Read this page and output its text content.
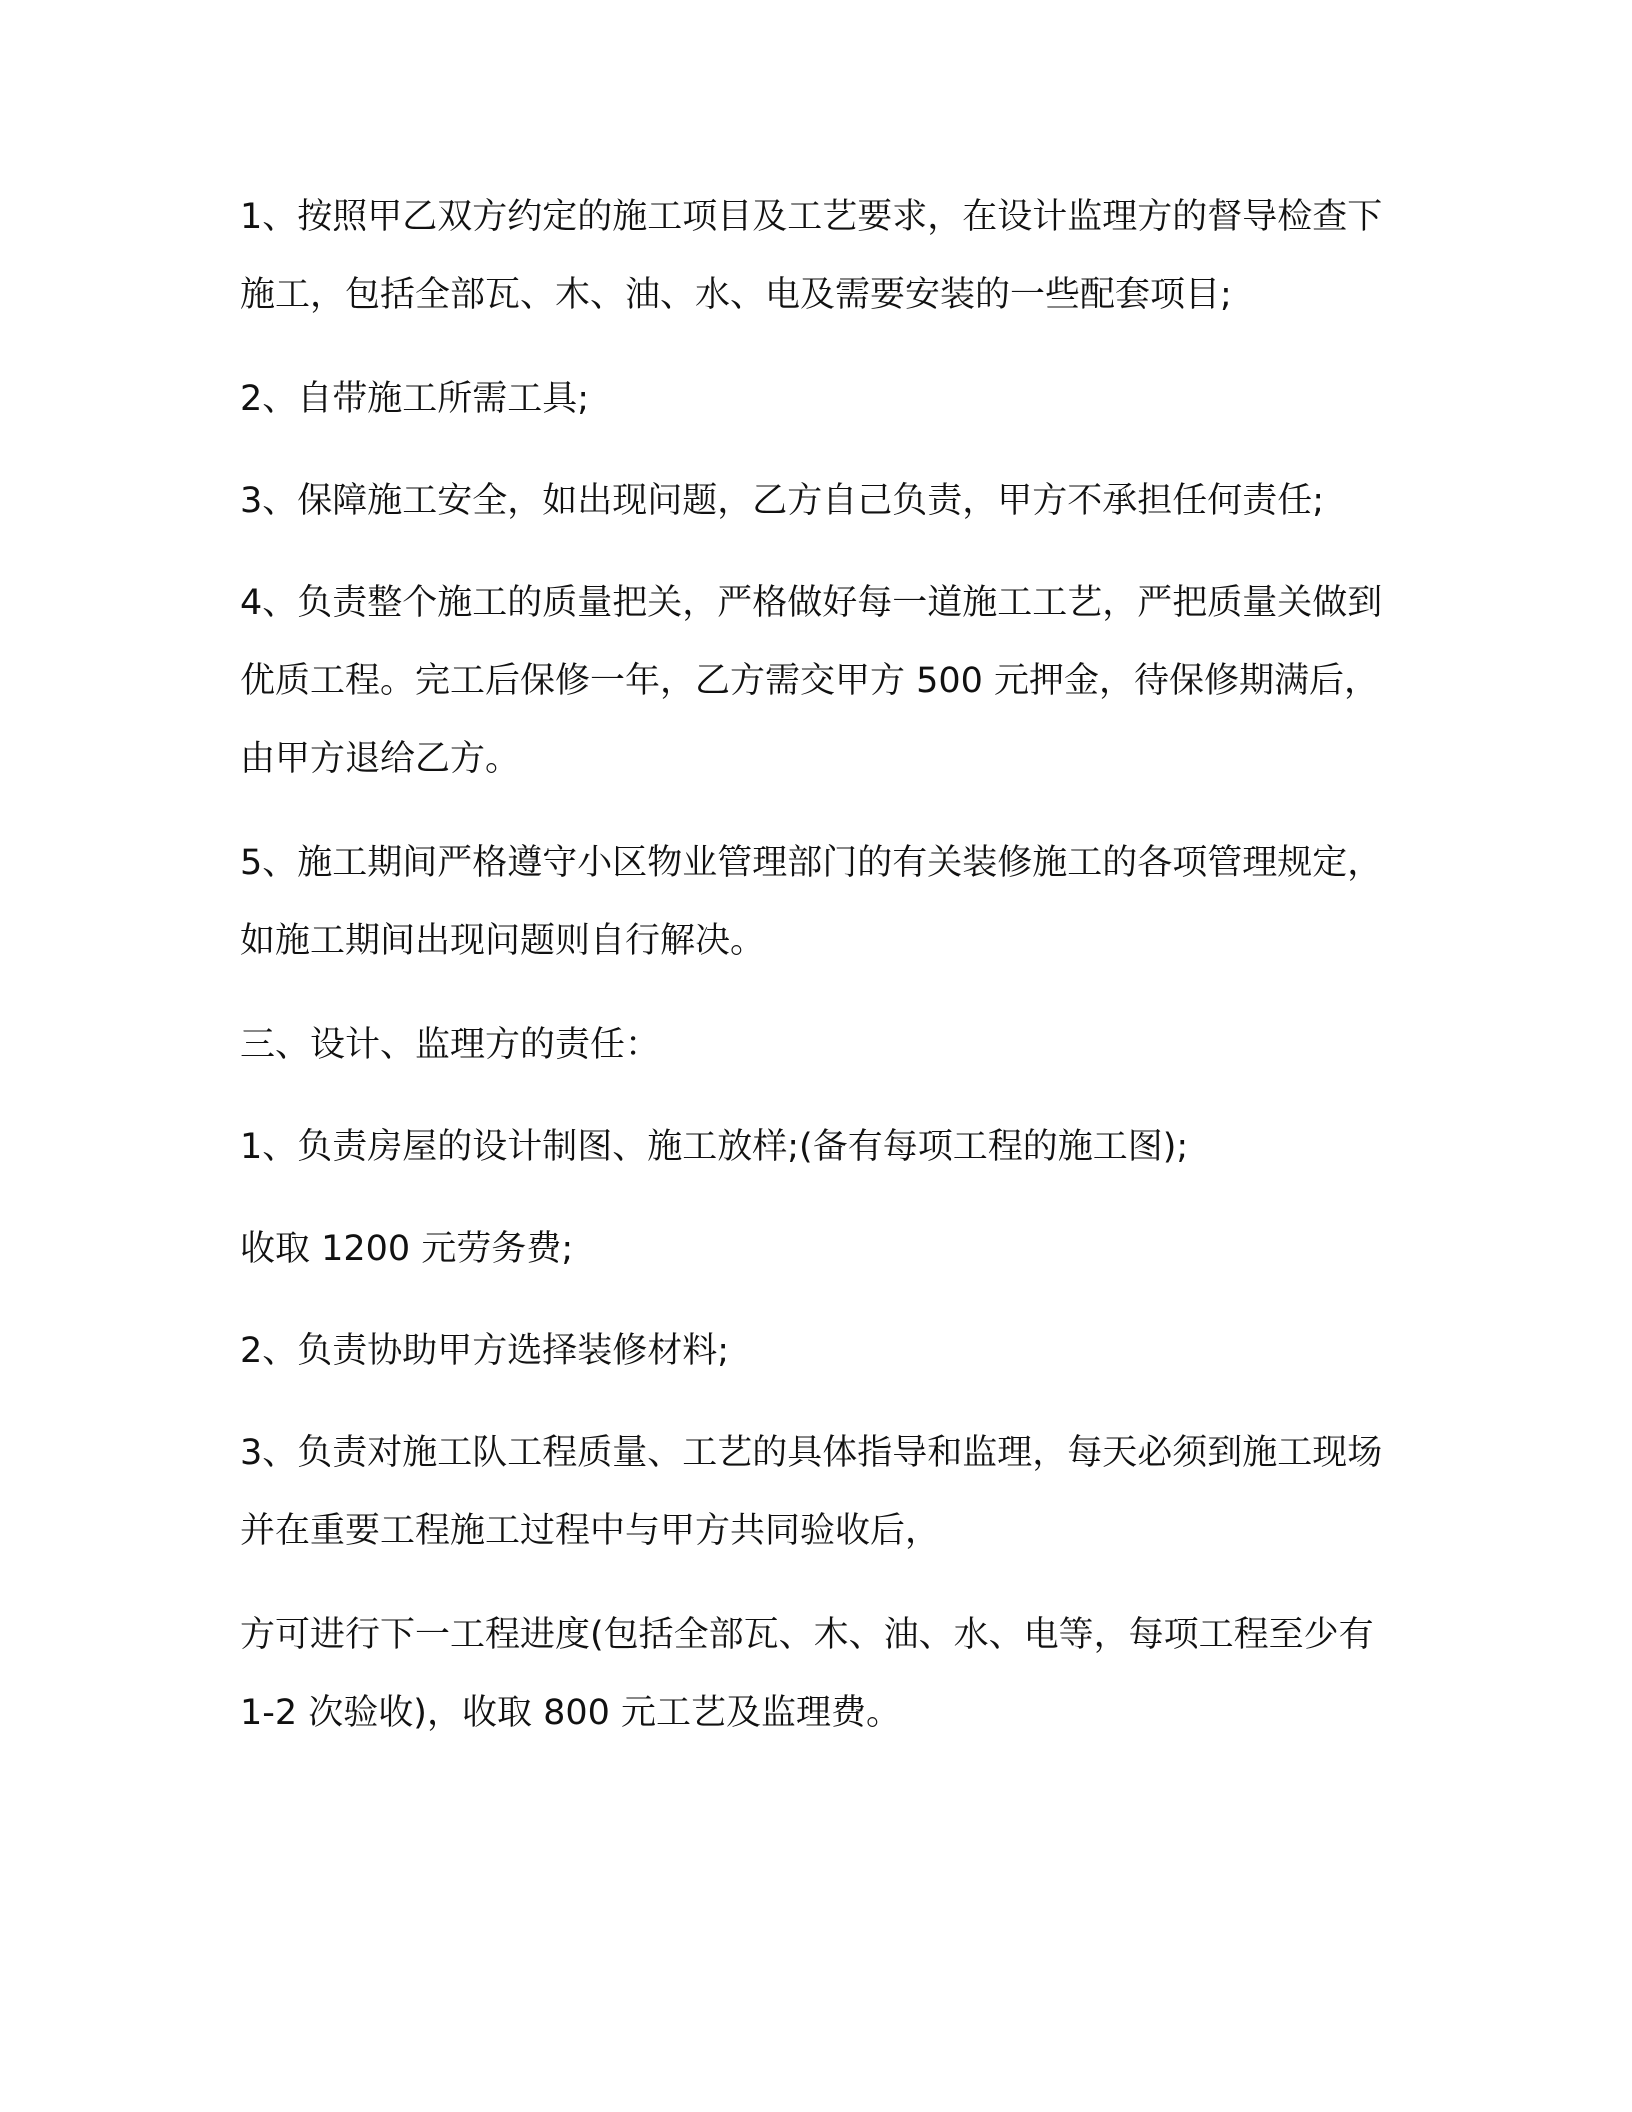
1、按照甲乙双方约定的施工项目及工艺要求，在设计监理方的督导检查下施工，包括全部瓦、木、油、水、电及需要安装的一些配套项目;

2、自带施工所需工具;

3、保障施工安全，如出现问题，乙方自己负责，甲方不承担任何责任;

4、负责整个施工的质量把关，严格做好每一道施工工艺，严把质量关做到优质工程。完工后保修一年，乙方需交甲方 500 元押金，待保修期满后，由甲方退给乙方。

5、施工期间严格遵守小区物业管理部门的有关装修施工的各项管理规定，如施工期间出现问题则自行解决。

三、设计、监理方的责任：

1、负责房屋的设计制图、施工放样;(备有每项工程的施工图);

收取 1200 元劳务费;

2、负责协助甲方选择装修材料;

3、负责对施工队工程质量、工艺的具体指导和监理，每天必须到施工现场并在重要工程施工过程中与甲方共同验收后，

方可进行下一工程进度(包括全部瓦、木、油、水、电等，每项工程至少有 1-2 次验收)，收取 800 元工艺及监理费。
